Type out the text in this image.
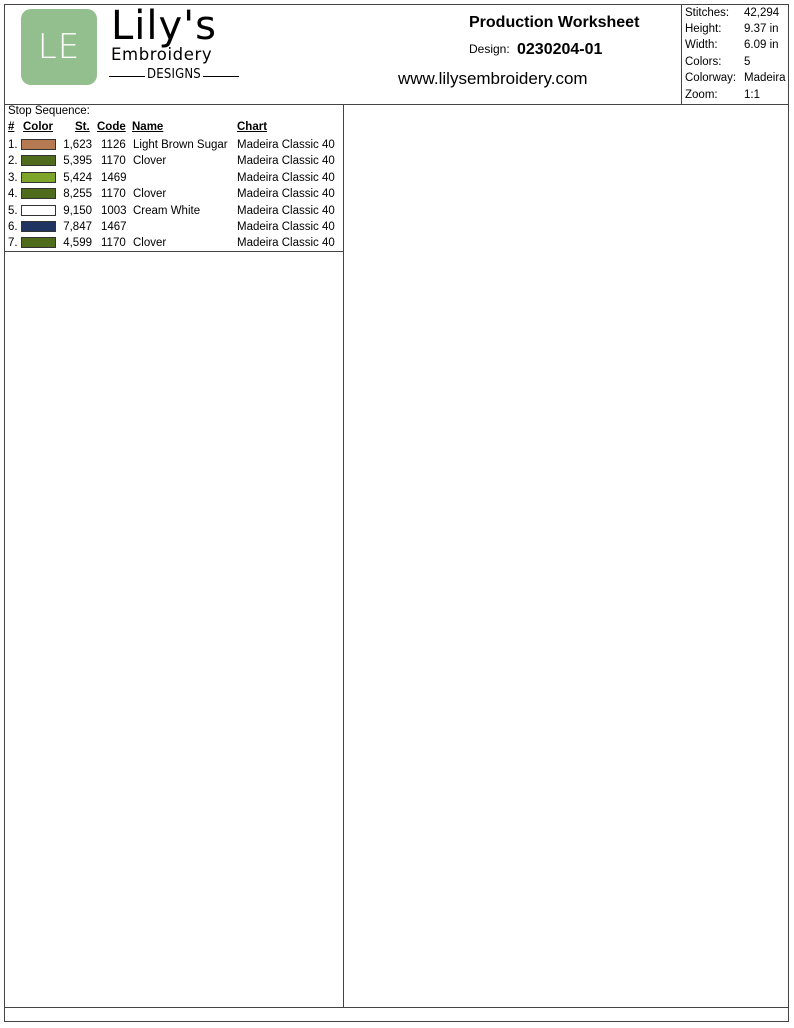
LE Lily's
Embroidery
DESIGNS
Production Worksheet
Design: 0230204-01
www.lilysembroidery.com
Stitches: 42,294
Height: 9.37 in
Width: 6.09 in
Colors: 5
Colorway: Madeira
Zoom: 1:1
Stop Sequence:
# Color St. Code Name	Chart
1.	1,623 1126 Light Brown Sugar Madeira Classic 40
2.	5,395 1170 Clover	Madeira Classic 40
3.	5,424 1469	Madeira Classic 40
4.	8,255 1170 Clover	Madeira Classic 40
5.	9,150 1003 Cream White	Madeira Classic 40
6.	7,847 1467	Madeira Classic 40
7.	4,599 1170 Clover	Madeira Classic 40
